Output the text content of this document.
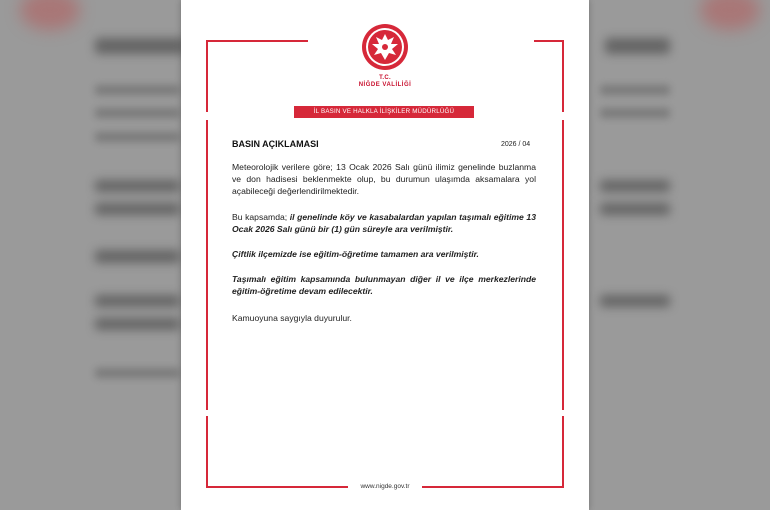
T.C.
NİĞDE VALİLİĞİ
İL BASIN VE HALKLA İLİŞKİLER MÜDÜRLÜĞÜ
BASIN AÇIKLAMASI	2026 / 04
Meteorolojik verilere göre; 13 Ocak 2026 Salı günü ilimiz genelinde buzlanma ve don hadisesi beklenmekte olup, bu durumun ulaşımda aksamalara yol açabileceği değerlendirilmektedir.
Bu kapsamda; il genelinde köy ve kasabalardan yapılan taşımalı eğitime 13 Ocak 2026 Salı günü bir (1) gün süreyle ara verilmiştir.
Çiftlik ilçemizde ise eğitim-öğretime tamamen ara verilmiştir.
Taşımalı eğitim kapsamında bulunmayan diğer il ve ilçe merkezlerinde eğitim-öğretime devam edilecektir.
Kamuoyuna saygıyla duyurulur.
www.nigde.gov.tr
